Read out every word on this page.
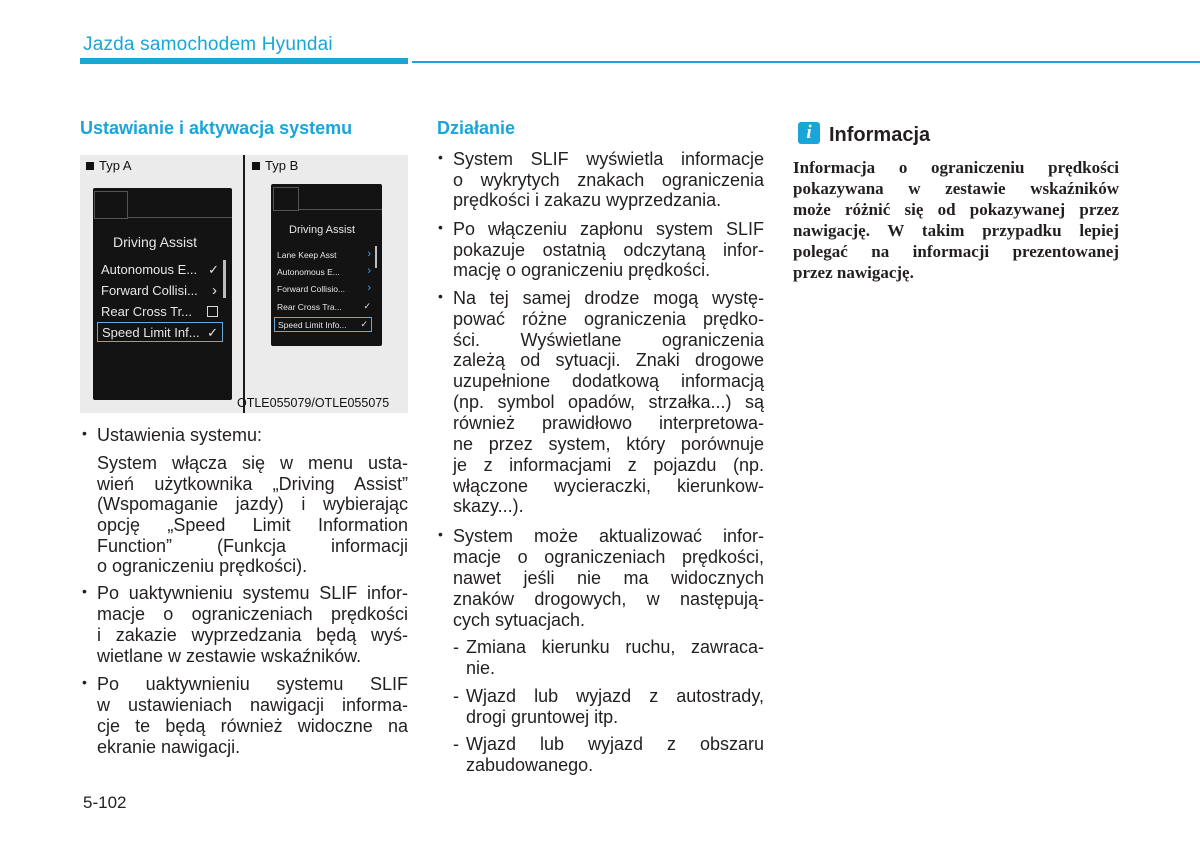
Jazda samochodem Hyundai
Ustawianie i aktywacja systemu
Typ A	Typ B
Driving Assist
Autonomous E... ✓
Forward Collisi... ›
Rear Cross Tr...
Speed Limit Inf... ✓
Driving Assist
Lane Keep Asst	›
Autonomous E... ›
Forward Collisio... ›
Rear Cross Tra... ✓
Speed Limit Info... ✓
OTLE055079/OTLE055075
• Ustawienia systemu:
System włącza się w menu usta-
wień użytkownika „Driving Assist”
(Wspomaganie jazdy) i wybierając
opcję „Speed Limit Information
Function” (Funkcja informacji
o ograniczeniu prędkości).
• Po uaktywnieniu systemu SLIF infor-
macje o ograniczeniach prędkości
i zakazie wyprzedzania będą wyś-
wietlane w zestawie wskaźników.
• Po uaktywnieniu systemu SLIF
w ustawieniach nawigacji informa-
cje te będą również widoczne na
ekranie nawigacji.
Działanie
• System SLIF wyświetla informacje
o wykrytych znakach ograniczenia
prędkości i zakazu wyprzedzania.
• Po włączeniu zapłonu system SLIF
pokazuje ostatnią odczytaną infor-
mację o ograniczeniu prędkości.
• Na tej samej drodze mogą wystę-
pować różne ograniczenia prędko-
ści. Wyświetlane ograniczenia
zależą od sytuacji. Znaki drogowe
uzupełnione dodatkową informacją
(np. symbol opadów, strzałka...) są
również prawidłowo interpretowa-
ne przez system, który porównuje
je z informacjami z pojazdu (np.
włączone wycieraczki, kierunkow-
skazy...).
• System może aktualizować infor-
macje o ograniczeniach prędkości,
nawet jeśli nie ma widocznych
znaków drogowych, w następują-
cych sytuacjach.
- Zmiana kierunku ruchu, zawraca-
nie.
- Wjazd lub wyjazd z autostrady,
drogi gruntowej itp.
- Wjazd lub wyjazd z obszaru
zabudowanego.
i Informacja
Informacja o ograniczeniu prędkości
pokazywana w zestawie wskaźników
może różnić się od pokazywanej przez
nawigację. W takim przypadku lepiej
polegać na informacji prezentowanej
przez nawigację.
5-102
